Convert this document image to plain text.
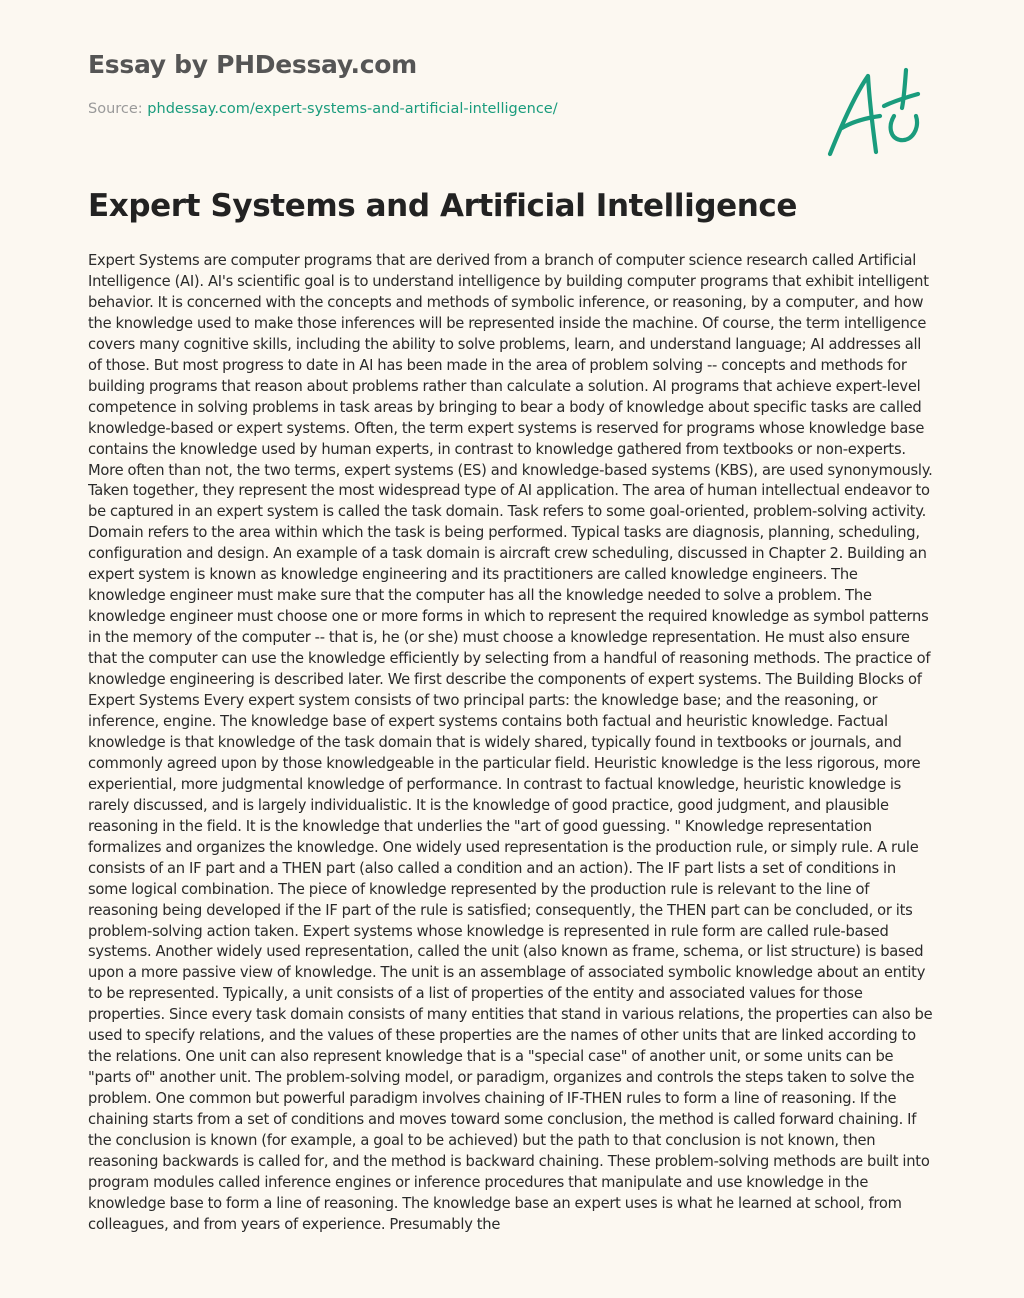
Essay by PHDessay.com
Source: phdessay.com/expert-systems-and-artificial-intelligence/
Expert Systems and Artificial Intelligence

Expert Systems are computer programs that are derived from a branch of computer science research called Artificial Intelligence (AI). AI's scientific goal is to understand intelligence by building computer programs that exhibit intelligent behavior. It is concerned with the concepts and methods of symbolic inference, or reasoning, by a computer, and how the knowledge used to make those inferences will be represented inside the machine. Of course, the term intelligence covers many cognitive skills, including the ability to solve problems, learn, and understand language; AI addresses all of those. But most progress to date in AI has been made in the area of problem solving -- concepts and methods for building programs that reason about problems rather than calculate a solution. AI programs that achieve expert-level competence in solving problems in task areas by bringing to bear a body of knowledge about specific tasks are called knowledge-based or expert systems. Often, the term expert systems is reserved for programs whose knowledge base contains the knowledge used by human experts, in contrast to knowledge gathered from textbooks or non-experts. More often than not, the two terms, expert systems (ES) and knowledge-based systems (KBS), are used synonymously. Taken together, they represent the most widespread type of AI application. The area of human intellectual endeavor to be captured in an expert system is called the task domain. Task refers to some goal-oriented, problem-solving activity. Domain refers to the area within which the task is being performed. Typical tasks are diagnosis, planning, scheduling, configuration and design. An example of a task domain is aircraft crew scheduling, discussed in Chapter 2. Building an expert system is known as knowledge engineering and its practitioners are called knowledge engineers. The knowledge engineer must make sure that the computer has all the knowledge needed to solve a problem. The knowledge engineer must choose one or more forms in which to represent the required knowledge as symbol patterns in the memory of the computer -- that is, he (or she) must choose a knowledge representation. He must also ensure that the computer can use the knowledge efficiently by selecting from a handful of reasoning methods. The practice of knowledge engineering is described later. We first describe the components of expert systems. The Building Blocks of Expert Systems Every expert system consists of two principal parts: the knowledge base; and the reasoning, or inference, engine. The knowledge base of expert systems contains both factual and heuristic knowledge. Factual knowledge is that knowledge of the task domain that is widely shared, typically found in textbooks or journals, and commonly agreed upon by those knowledgeable in the particular field. Heuristic knowledge is the less rigorous, more experiential, more judgmental knowledge of performance. In contrast to factual knowledge, heuristic knowledge is rarely discussed, and is largely individualistic. It is the knowledge of good practice, good judgment, and plausible reasoning in the field. It is the knowledge that underlies the "art of good guessing. " Knowledge representation formalizes and organizes the knowledge. One widely used representation is the production rule, or simply rule. A rule consists of an IF part and a THEN part (also called a condition and an action). The IF part lists a set of conditions in some logical combination. The piece of knowledge represented by the production rule is relevant to the line of reasoning being developed if the IF part of the rule is satisfied; consequently, the THEN part can be concluded, or its problem-solving action taken. Expert systems whose knowledge is represented in rule form are called rule-based systems. Another widely used representation, called the unit (also known as frame, schema, or list structure) is based upon a more passive view of knowledge. The unit is an assemblage of associated symbolic knowledge about an entity to be represented. Typically, a unit consists of a list of properties of the entity and associated values for those properties. Since every task domain consists of many entities that stand in various relations, the properties can also be used to specify relations, and the values of these properties are the names of other units that are linked according to the relations. One unit can also represent knowledge that is a "special case" of another unit, or some units can be "parts of" another unit. The problem-solving model, or paradigm, organizes and controls the steps taken to solve the problem. One common but powerful paradigm involves chaining of IF-THEN rules to form a line of reasoning. If the chaining starts from a set of conditions and moves toward some conclusion, the method is called forward chaining. If the conclusion is known (for example, a goal to be achieved) but the path to that conclusion is not known, then reasoning backwards is called for, and the method is backward chaining. These problem-solving methods are built into program modules called inference engines or inference procedures that manipulate and use knowledge in the knowledge base to form a line of reasoning. The knowledge base an expert uses is what he learned at school, from colleagues, and from years of experience. Presumably the
